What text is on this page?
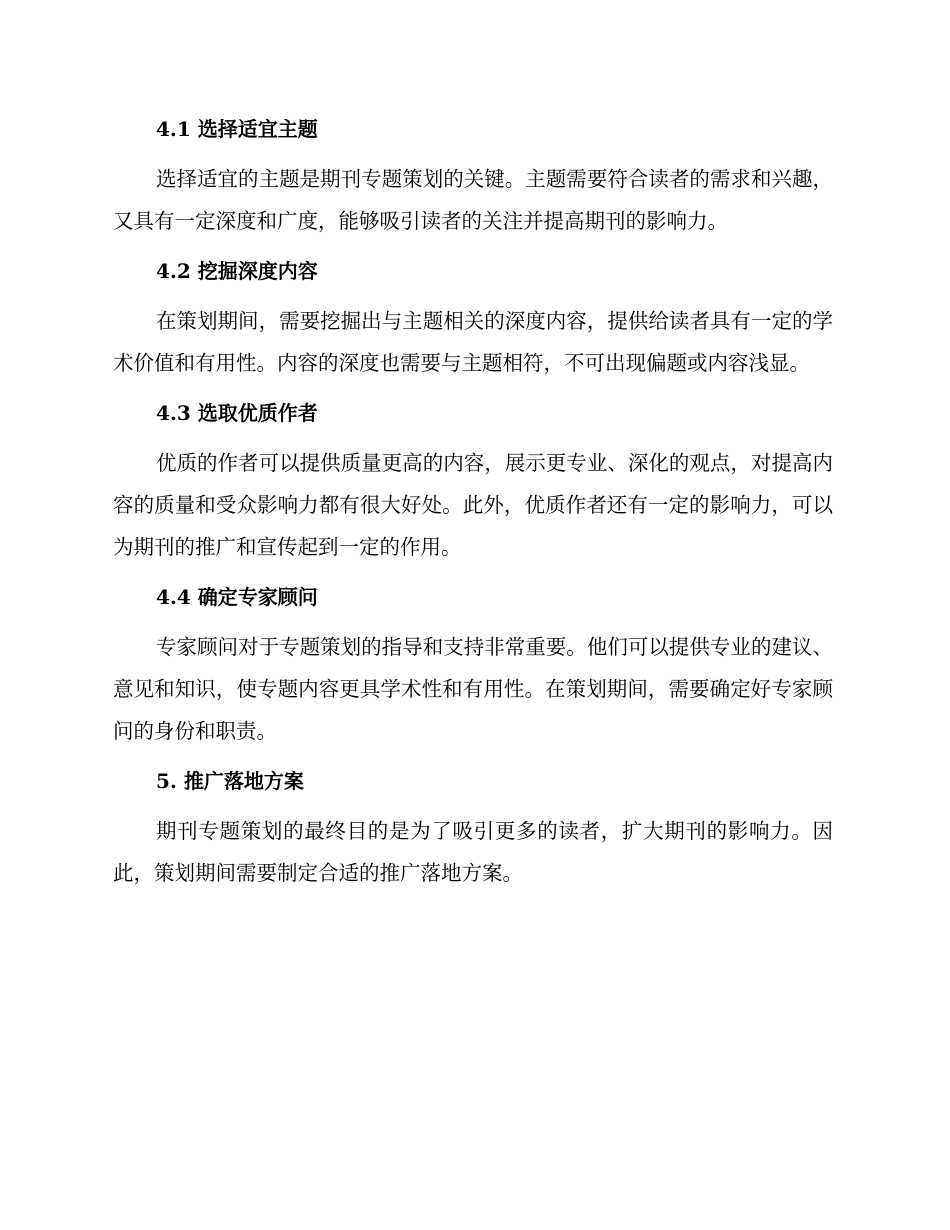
4.1 选择适宜主题

选择适宜的主题是期刊专题策划的关键。主题需要符合读者的需求和兴趣，又具有一定深度和广度，能够吸引读者的关注并提高期刊的影响力。

4.2 挖掘深度内容

在策划期间，需要挖掘出与主题相关的深度内容，提供给读者具有一定的学术价值和有用性。内容的深度也需要与主题相符，不可出现偏题或内容浅显。

4.3 选取优质作者

优质的作者可以提供质量更高的内容，展示更专业、深化的观点，对提高内容的质量和受众影响力都有很大好处。此外，优质作者还有一定的影响力，可以为期刊的推广和宣传起到一定的作用。

4.4 确定专家顾问

专家顾问对于专题策划的指导和支持非常重要。他们可以提供专业的建议、意见和知识，使专题内容更具学术性和有用性。在策划期间，需要确定好专家顾问的身份和职责。

5. 推广落地方案

期刊专题策划的最终目的是为了吸引更多的读者，扩大期刊的影响力。因此，策划期间需要制定合适的推广落地方案。
